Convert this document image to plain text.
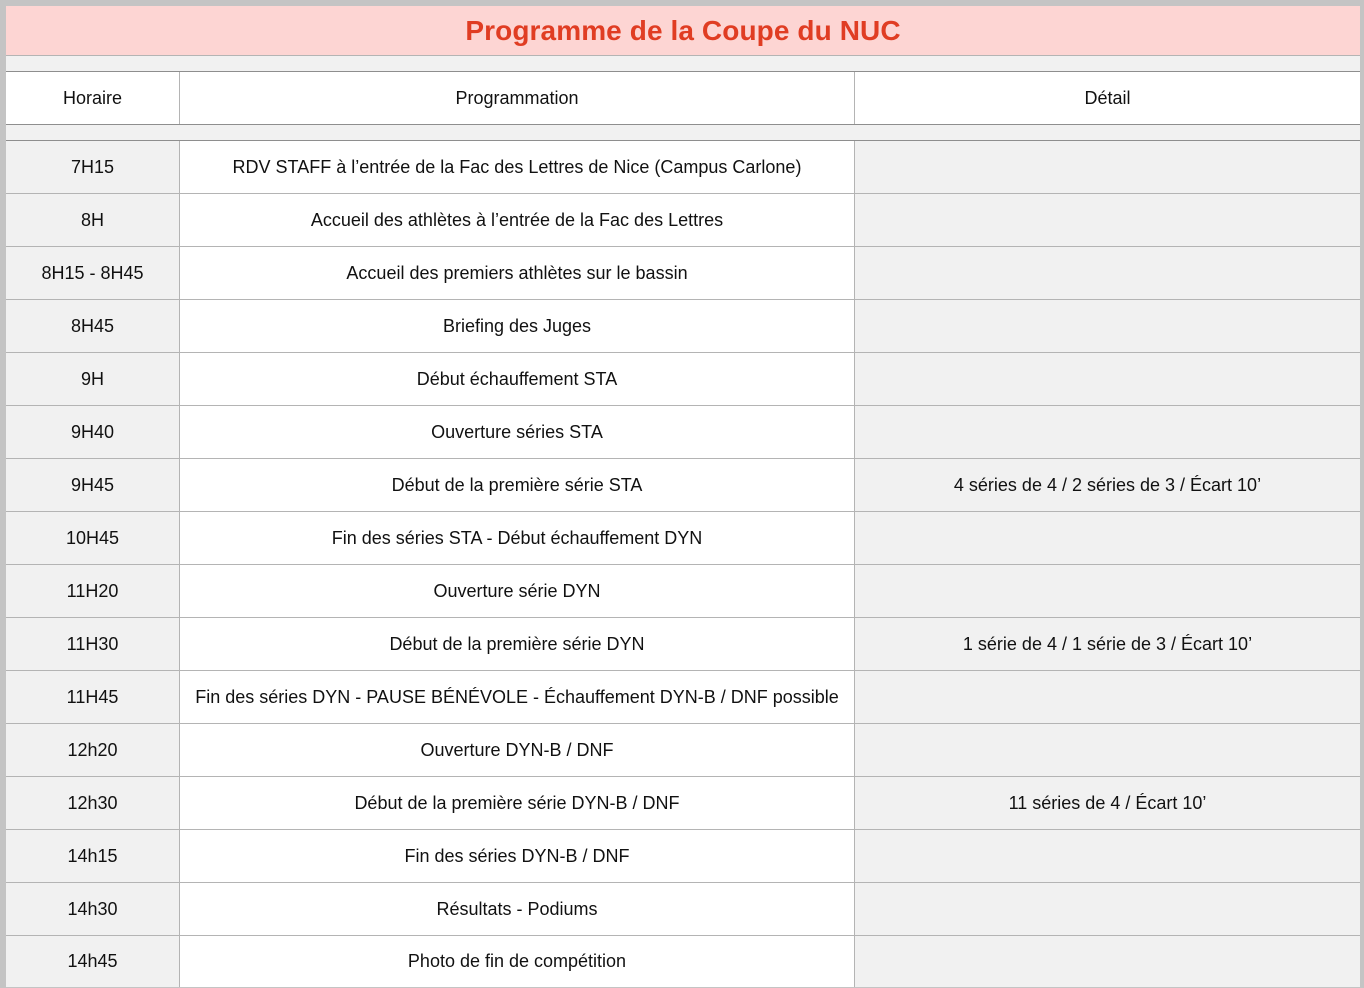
Programme de la Coupe du NUC
Horaire	Programmation	Détail
7H15	RDV STAFF à l’entrée de la Fac des Lettres de Nice (Campus Carlone)
8H	Accueil des athlètes à l’entrée de la Fac des Lettres
8H15 - 8H45	Accueil des premiers athlètes sur le bassin
8H45	Briefing des Juges
9H	Début échauffement STA
9H40	Ouverture séries STA
9H45	Début de la première série STA	4 séries de 4 / 2 séries de 3 / Écart 10’
10H45	Fin des séries STA - Début échauffement DYN
11H20	Ouverture série DYN
11H30	Début de la première série DYN	1 série de 4 / 1 série de 3 / Écart 10’
11H45	Fin des séries DYN - PAUSE BÉNÉVOLE - Échauffement DYN-B / DNF possible
12h20	Ouverture DYN-B / DNF
12h30	Début de la première série DYN-B / DNF	11 séries de 4 / Écart 10’
14h15	Fin des séries DYN-B / DNF
14h30	Résultats - Podiums
14h45	Photo de fin de compétition
